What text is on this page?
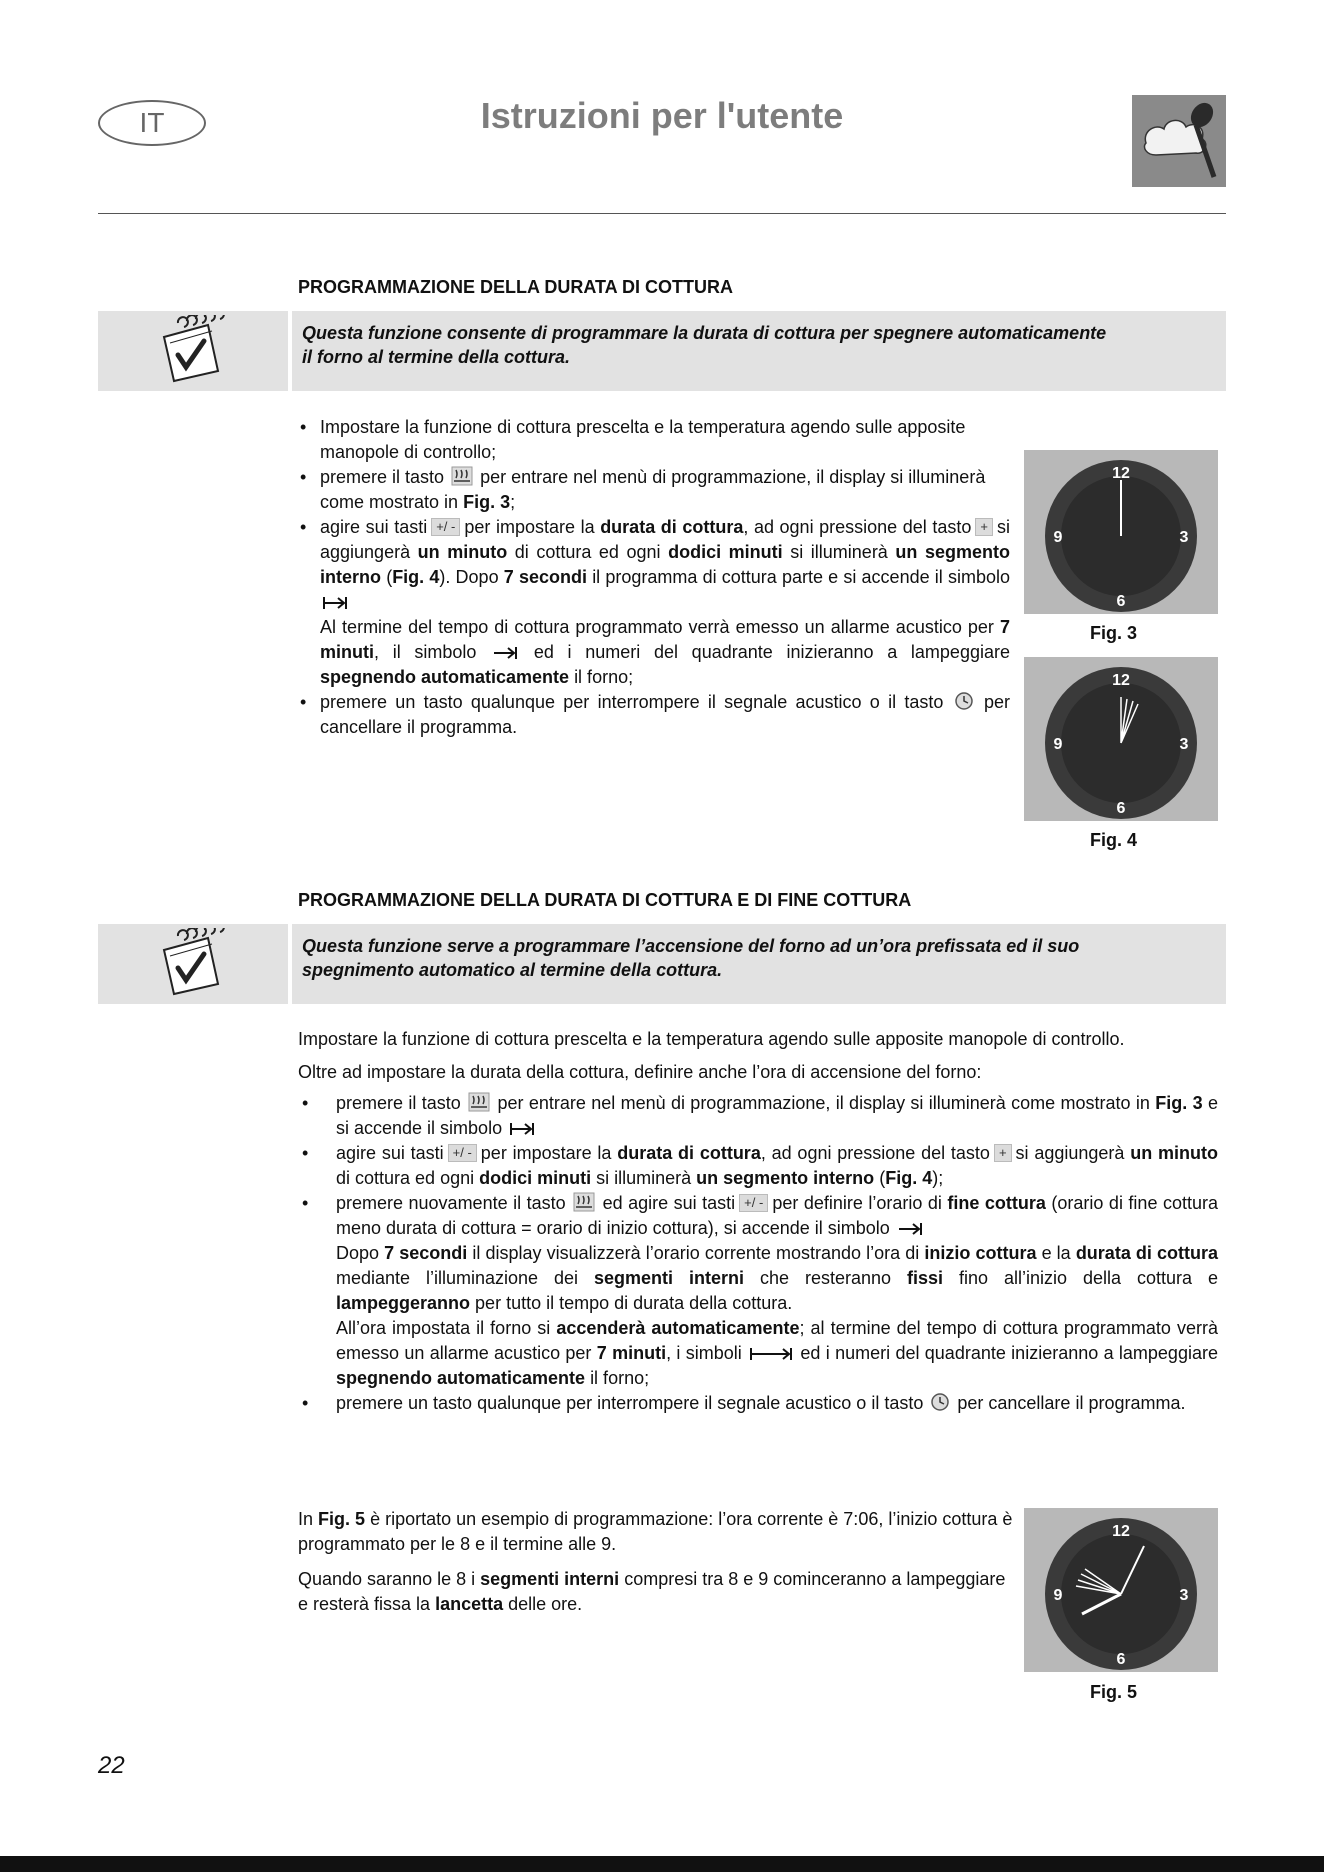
IT	Istruzioni per l'utente
PROGRAMMAZIONE DELLA DURATA DI COTTURA
Questa funzione consente di programmare la durata di cottura per spegnere automaticamente
il forno al termine della cottura.
• Impostare la funzione di cottura prescelta e la temperatura agendo sulle apposite manopole di controllo;
• premere il tasto per entrare nel menù di programmazione, il display si illuminerà come mostrato in Fig. 3;
• agire sui tasti +/ - per impostare la durata di cottura, ad ogni pressione del tasto + si aggiungerà un minuto di cottura ed ogni dodici minuti si illuminerà un segmento interno (Fig. 4). Dopo 7 secondi il programma di cottura parte e si accende il simbolo
Al termine del tempo di cottura programmato verrà emesso un allarme acustico per 7 minuti, il simbolo	ed i numeri del quadrante inizieranno a lampeggiare spegnendo automaticamente il forno;
• premere un tasto qualunque per interrompere il segnale acustico o il tasto per cancellare il programma.
12
3
6
9
Fig. 3
12
3
6
9
Fig. 4
PROGRAMMAZIONE DELLA DURATA DI COTTURA E DI FINE COTTURA
Questa funzione serve a programmare l’accensione del forno ad un’ora prefissata ed il suo
spegnimento automatico al termine della cottura.

Impostare la funzione di cottura prescelta e la temperatura agendo sulle apposite manopole di controllo.

Oltre ad impostare la durata della cottura, definire anche l’ora di accensione del forno:

• premere il tasto per entrare nel menù di programmazione, il display si illuminerà come mostrato in Fig. 3 e si accende il simbolo
• agire sui tasti +/ - per impostare la durata di cottura, ad ogni pressione del tasto + si aggiungerà un minuto di cottura ed ogni dodici minuti si illuminerà un segmento interno (Fig. 4);
• premere nuovamente il tasto ed agire sui tasti +/ - per definire l’orario di fine cottura (orario di fine cottura meno durata di cottura = orario di inizio cottura), si accende il simbolo
Dopo 7 secondi il display visualizzerà l’orario corrente mostrando l’ora di inizio cottura e la durata di cottura mediante l’illuminazione dei segmenti interni che resteranno fissi fino all’inizio della cottura e lampeggeranno per tutto il tempo di durata della cottura.
All’ora impostata il forno si accenderà automaticamente; al termine del tempo di cottura programmato verrà emesso un allarme acustico per 7 minuti, i simboli	ed i numeri del quadrante inizieranno a lampeggiare spegnendo automaticamente il forno;
• premere un tasto qualunque per interrompere il segnale acustico o il tasto per cancellare il programma.

In Fig. 5 è riportato un esempio di programmazione: l’ora corrente è 7:06, l’inizio cottura è programmato per le 8 e il termine alle 9.

Quando saranno le 8 i segmenti interni compresi tra 8 e 9 cominceranno a lampeggiare e resterà fissa la lancetta delle ore.

12
3
6
9
Fig. 5
22
